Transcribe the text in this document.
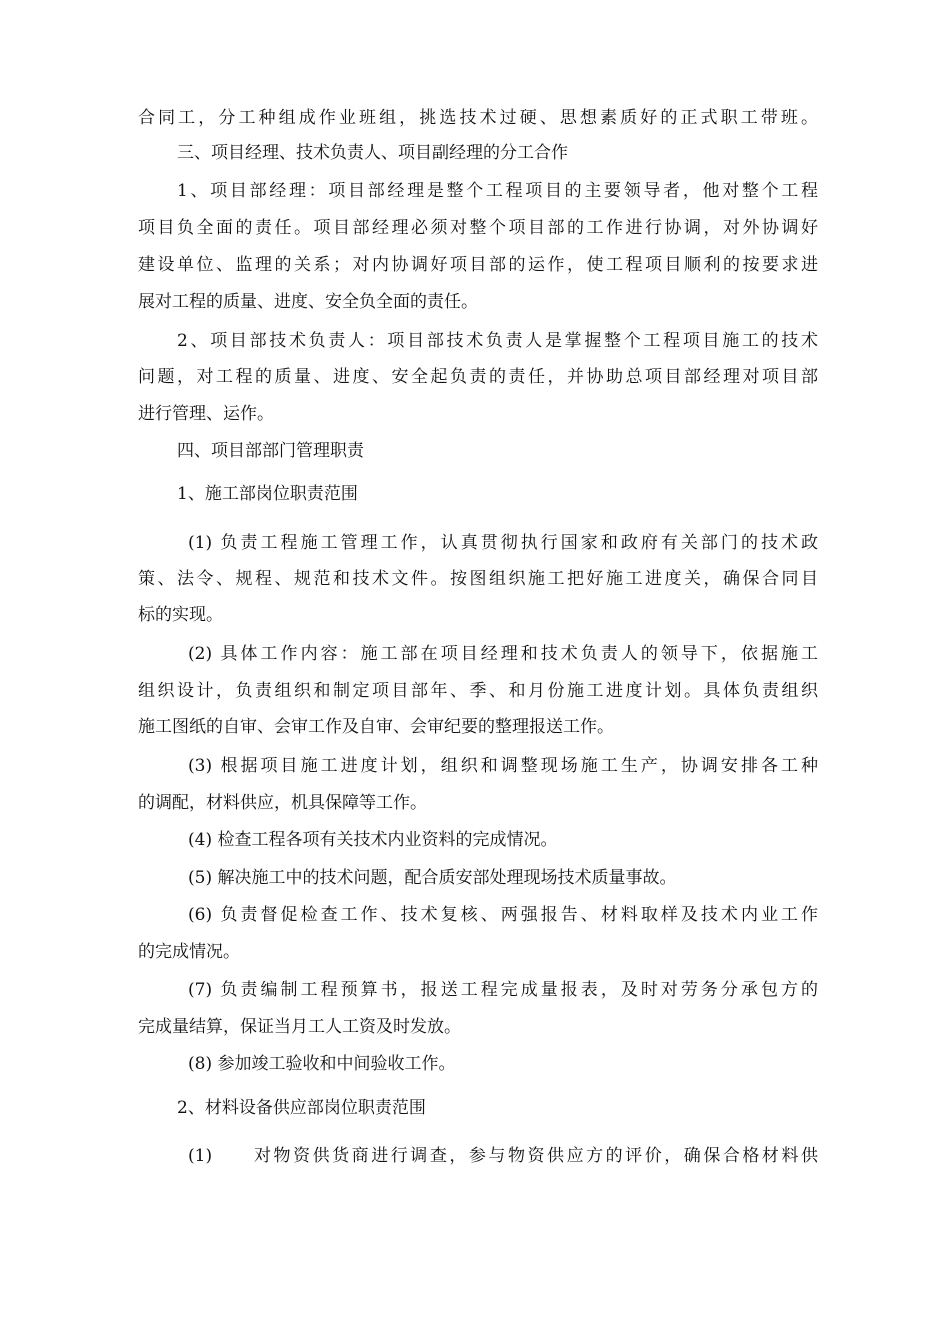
合同工，分工种组成作业班组，挑选技术过硬、思想素质好的正式职工带班。
三、项目经理、技术负责人、项目副经理的分工合作
1、项目部经理：项目部经理是整个工程项目的主要领导者，他对整个工程
项目负全面的责任。项目部经理必须对整个项目部的工作进行协调，对外协调好
建设单位、监理的关系；对内协调好项目部的运作，使工程项目顺利的按要求进
展对工程的质量、进度、安全负全面的责任。
2、项目部技术负责人：项目部技术负责人是掌握整个工程项目施工的技术
问题，对工程的质量、进度、安全起负责的责任，并协助总项目部经理对项目部
进行管理、运作。
四、项目部部门管理职责
1、施工部岗位职责范围
(1) 负责工程施工管理工作，认真贯彻执行国家和政府有关部门的技术政
策、法令、规程、规范和技术文件。按图组织施工把好施工进度关，确保合同目
标的实现。
(2) 具体工作内容：施工部在项目经理和技术负责人的领导下，依据施工
组织设计，负责组织和制定项目部年、季、和月份施工进度计划。具体负责组织
施工图纸的自审、会审工作及自审、会审纪要的整理报送工作。
(3) 根据项目施工进度计划，组织和调整现场施工生产，协调安排各工种
的调配，材料供应，机具保障等工作。
(4) 检查工程各项有关技术内业资料的完成情况。
(5) 解决施工中的技术问题，配合质安部处理现场技术质量事故。
(6) 负责督促检查工作、技术复核、两强报告、材料取样及技术内业工作
的完成情况。
(7) 负责编制工程预算书，报送工程完成量报表，及时对劳务分承包方的
完成量结算，保证当月工人工资及时发放。
(8) 参加竣工验收和中间验收工作。
2、材料设备供应部岗位职责范围
(1) 对物资供货商进行调查，参与物资供应方的评价，确保合格材料供
